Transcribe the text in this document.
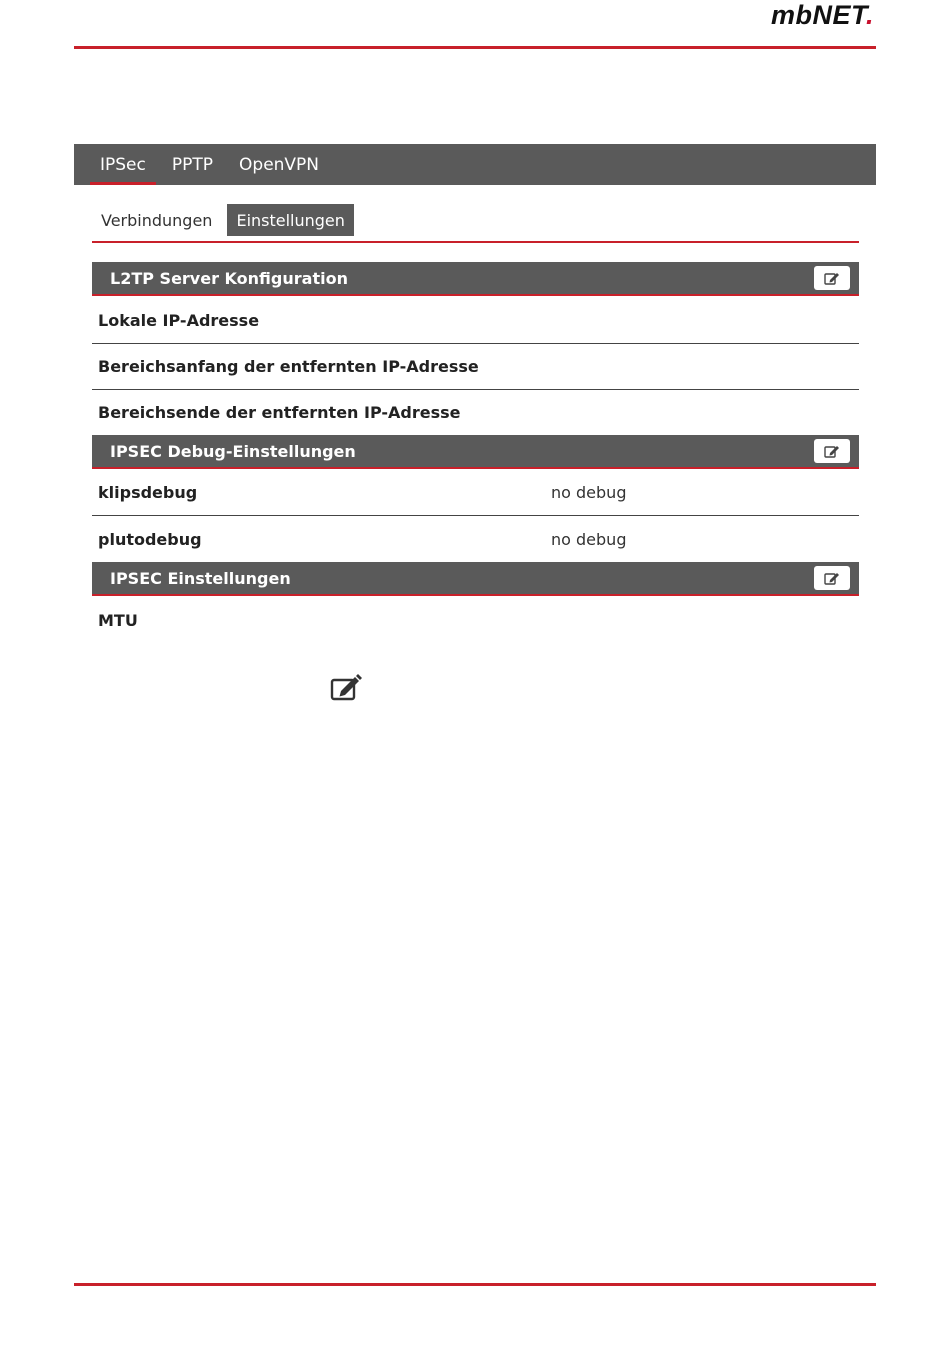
mbNET.
IPSec	PPTP	OpenVPN
Verbindungen	Einstellungen
L2TP Server Konfiguration
Lokale IP-Adresse
Bereichsanfang der entfernten IP-Adresse
Bereichsende der entfernten IP-Adresse
IPSEC Debug-Einstellungen
klipsdebug	no debug
plutodebug	no debug
IPSEC Einstellungen
MTU
